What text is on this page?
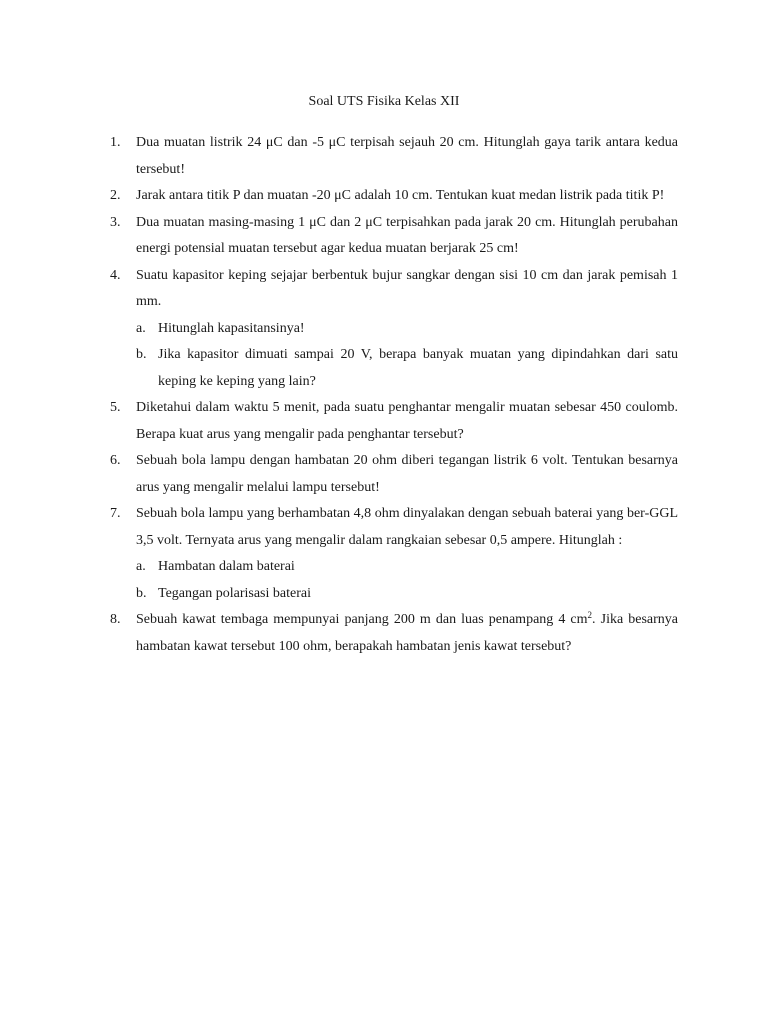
Soal UTS Fisika Kelas XII
1. Dua muatan listrik 24 μC dan -5 μC terpisah sejauh 20 cm. Hitunglah gaya tarik antara kedua tersebut!
2. Jarak antara titik P dan muatan -20 μC adalah 10 cm. Tentukan kuat medan listrik pada titik P!
3. Dua muatan masing-masing 1 μC dan 2 μC terpisahkan pada jarak 20 cm. Hitunglah perubahan energi potensial muatan tersebut agar kedua muatan berjarak 25 cm!
4. Suatu kapasitor keping sejajar berbentuk bujur sangkar dengan sisi 10 cm dan jarak pemisah 1 mm.
a. Hitunglah kapasitansinya!
b. Jika kapasitor dimuati sampai 20 V, berapa banyak muatan yang dipindahkan dari satu keping ke keping yang lain?
5. Diketahui dalam waktu 5 menit, pada suatu penghantar mengalir muatan sebesar 450 coulomb. Berapa kuat arus yang mengalir pada penghantar tersebut?
6. Sebuah bola lampu dengan hambatan 20 ohm diberi tegangan listrik 6 volt. Tentukan besarnya arus yang mengalir melalui lampu tersebut!
7. Sebuah bola lampu yang berhambatan 4,8 ohm dinyalakan dengan sebuah baterai yang ber-GGL 3,5 volt. Ternyata arus yang mengalir dalam rangkaian sebesar 0,5 ampere. Hitunglah :
a. Hambatan dalam baterai
b. Tegangan polarisasi baterai
8. Sebuah kawat tembaga mempunyai panjang 200 m dan luas penampang 4 $cm^2$. Jika besarnya hambatan kawat tersebut 100 ohm, berapakah hambatan jenis kawat tersebut?
